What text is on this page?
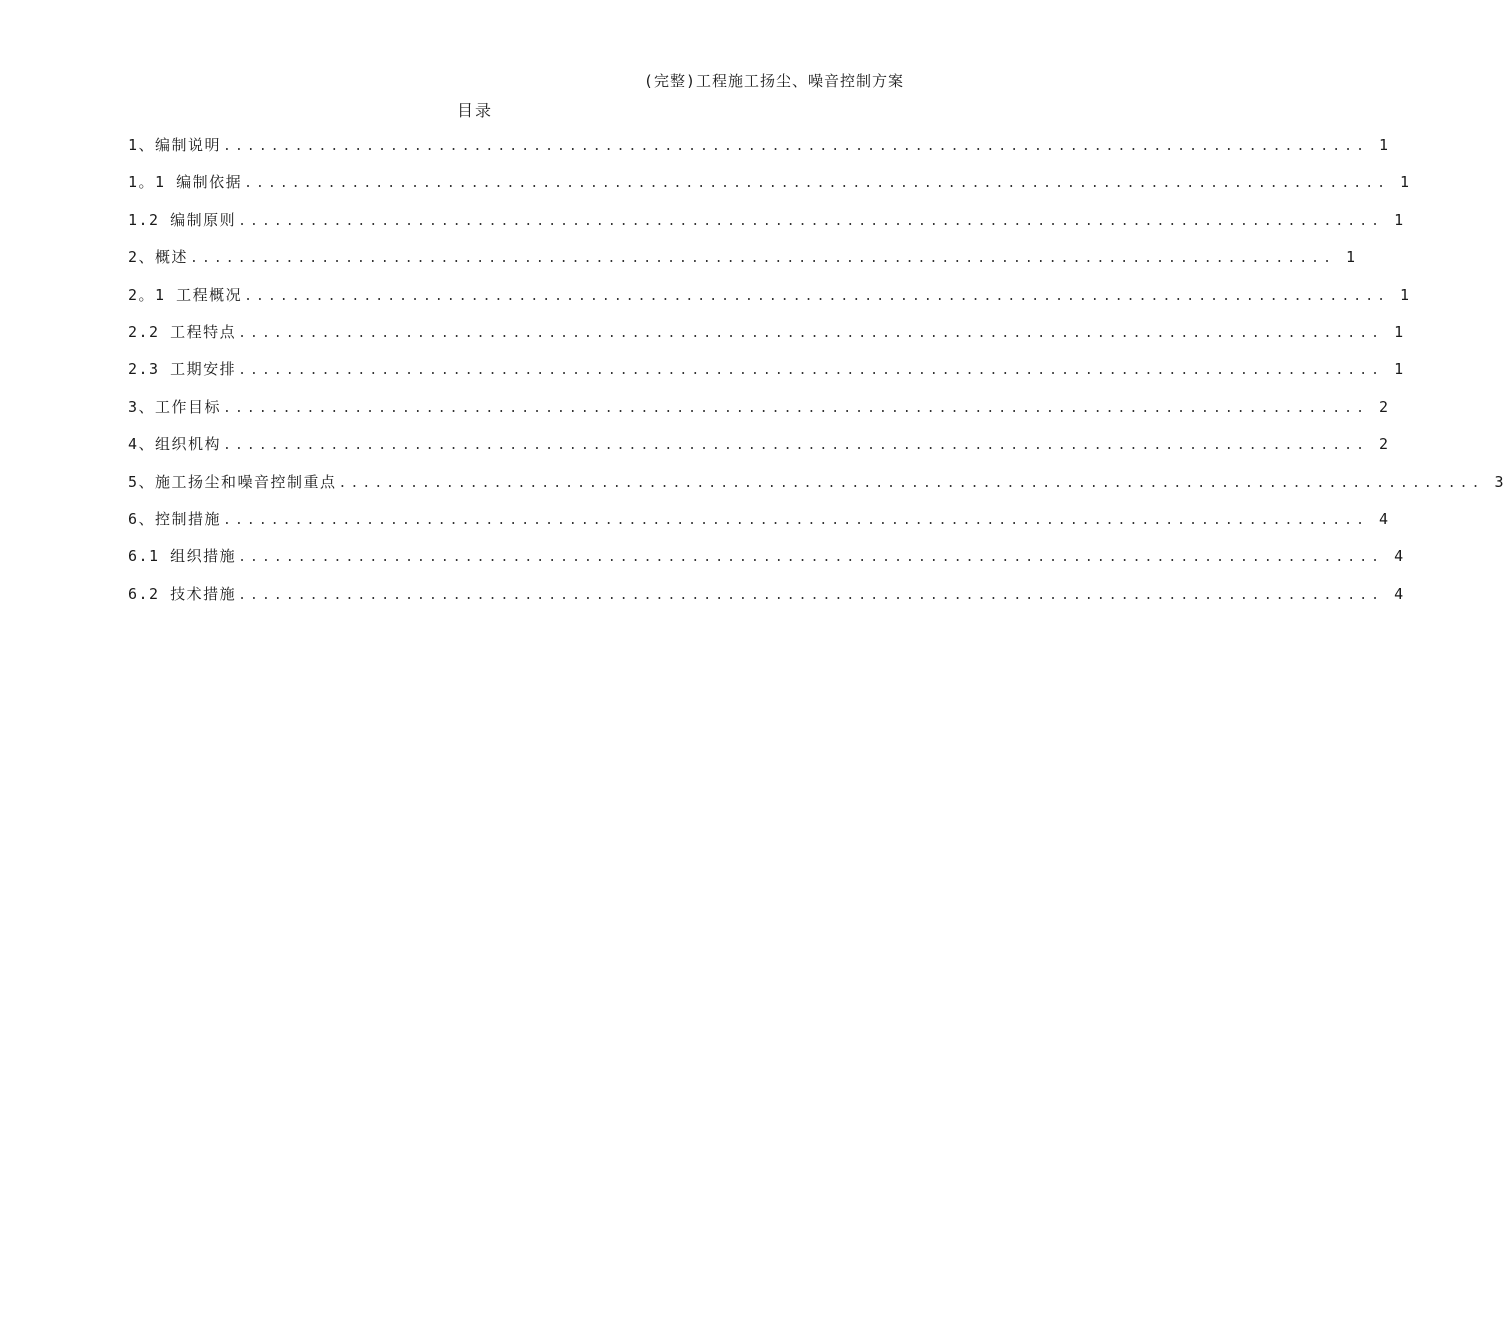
(完整)工程施工扬尘、噪音控制方案
目录
1、编制说明 ................................................................................................ 1
1。1 编制依据 ................................................................................................ 1
1.2 编制原则 ................................................................................................ 1
2、概述 ................................................................................................ 1
2。1 工程概况 ................................................................................................ 1
2.2 工程特点 ................................................................................................ 1
2.3 工期安排 ................................................................................................ 1
3、工作目标 ................................................................................................ 2
4、组织机构 ................................................................................................ 2
5、施工扬尘和噪音控制重点 ................................................................................................ 3
6、控制措施 ................................................................................................ 4
6.1 组织措施 ................................................................................................ 4
6.2 技术措施 ................................................................................................ 4
